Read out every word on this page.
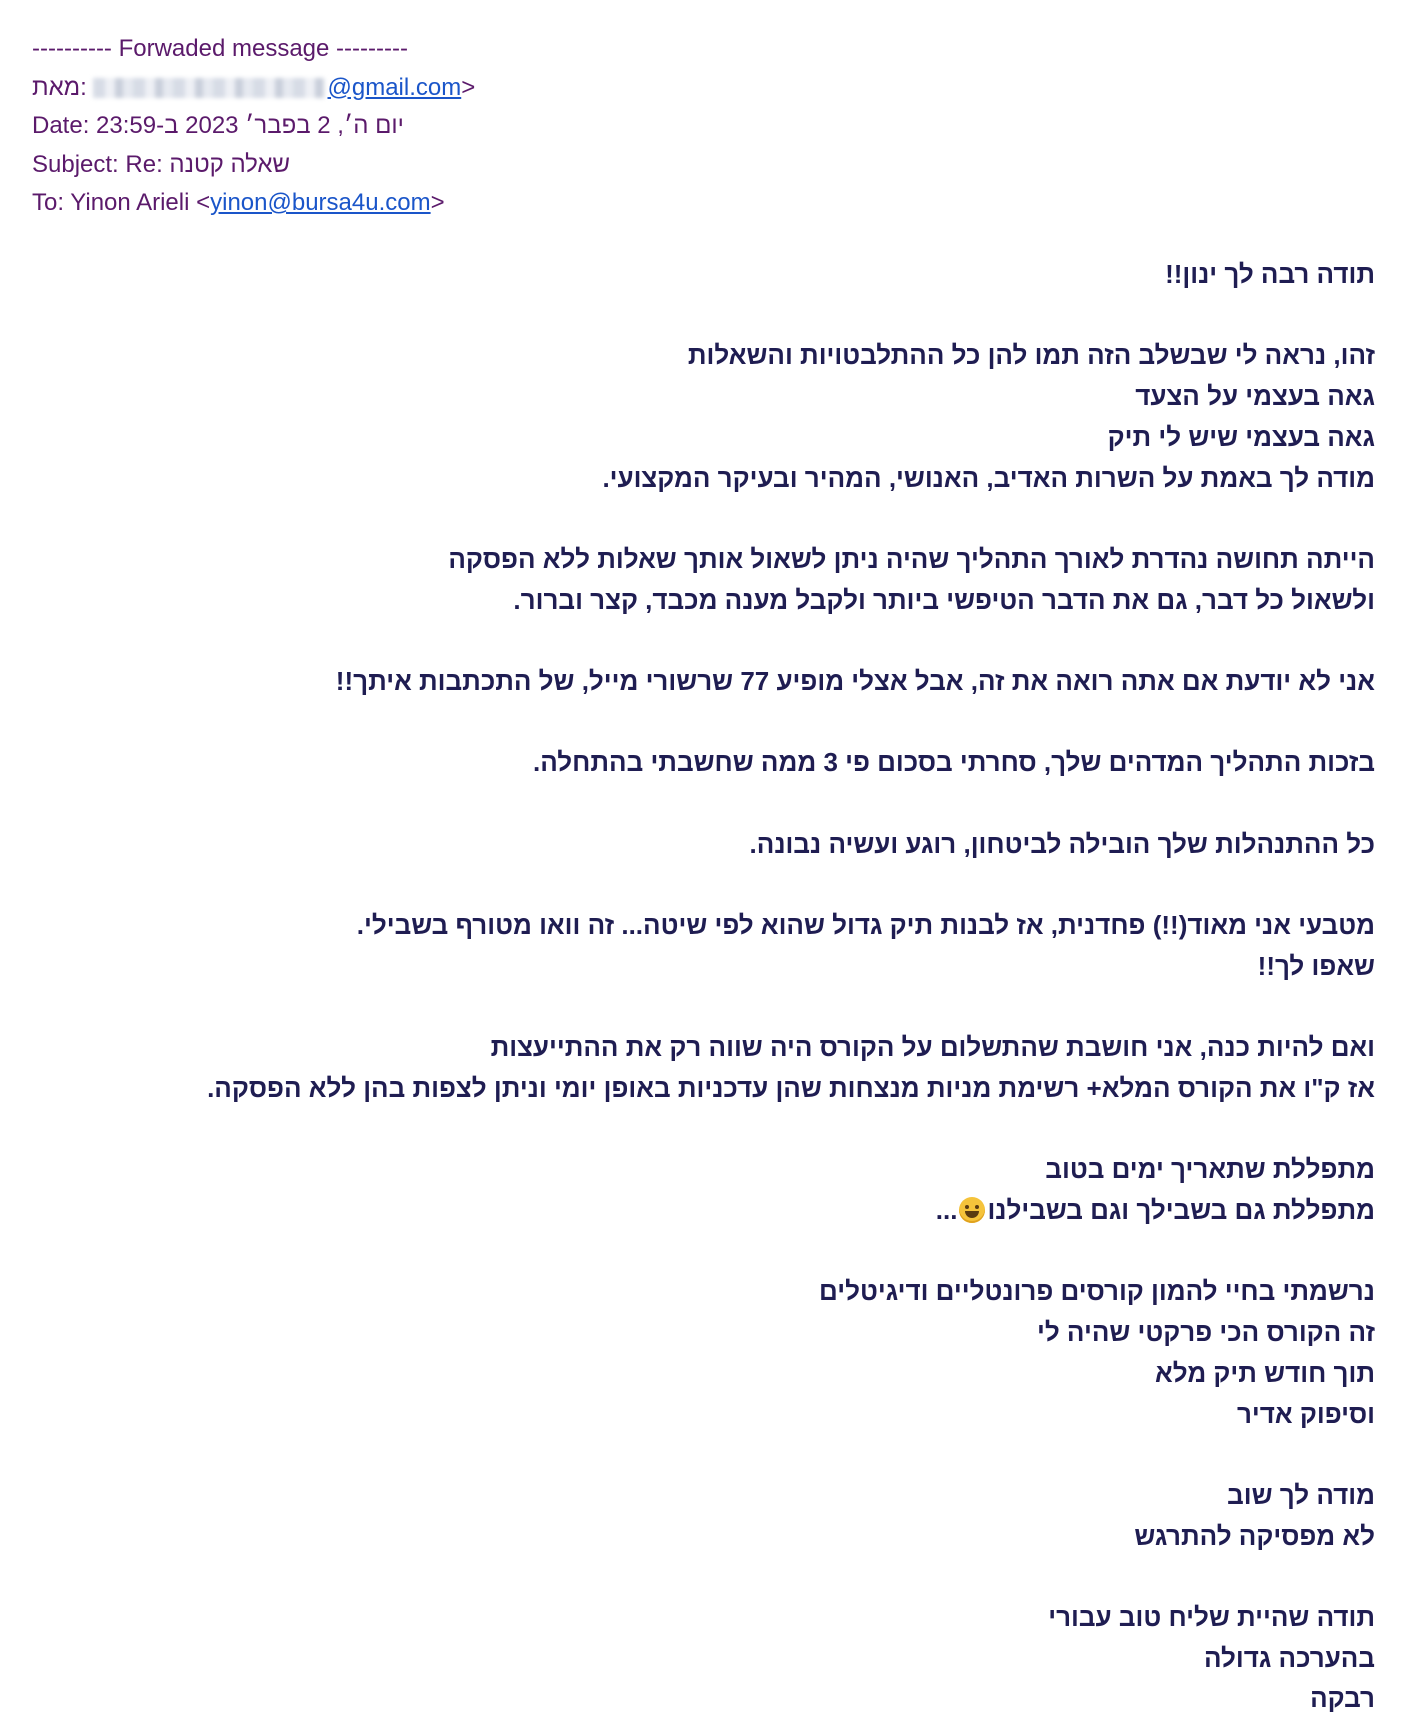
---------- Forwa​ded message ---------
מאת:	@gmail.com>
Date: יום ה׳, 2 בפבר׳ 2023 ב-23:59
Subject: Re: שאלה קטנה
To: Yinon Arieli <yinon@bursa4u.com>
תודה רבה לך ינון!!
זהו, נראה לי שבשלב הזה תמו להן כל ההתלבטויות והשאלות
גאה בעצמי על הצעד
גאה בעצמי שיש לי תיק
מודה לך באמת על השרות האדיב, האנושי, המהיר ובעיקר המקצועי.
הייתה תחושה נהדרת לאורך התהליך שהיה ניתן לשאול אותך שאלות ללא הפסקה
ולשאול כל דבר, גם את הדבר הטיפשי ביותר ולקבל מענה מכבד, קצר וברור.
אני לא יודעת אם אתה רואה את זה, אבל אצלי מופיע 77 שרשורי מייל, של התכתבות איתך!!
בזכות התהליך המדהים שלך, סחרתי בסכום פי 3 ממה שחשבתי בהתחלה.
כל ההתנהלות שלך הובילה לביטחון, רוגע ועשיה נבונה.
מטבעי אני מאוד(!!) פחדנית, אז לבנות תיק גדול שהוא לפי שיטה... זה וואו מטורף בשבילי.
שאפו לך!!
ואם להיות כנה, אני חושבת שהתשלום על הקורס היה שווה רק את ההתייעצות
אז ק"ו את הקורס המלא+ רשימת מניות מנצחות שהן עדכניות באופן יומי וניתן לצפות בהן ללא הפסקה.
מתפללת שתאריך ימים בטוב
מתפללת גם בשבילך וגם בשבילנו...
נרשמתי בחיי להמון קורסים פרונטליים ודיגיטלים
זה הקורס הכי פרקטי שהיה לי
תוך חודש תיק מלא
וסיפוק אדיר
מודה לך שוב
לא מפסיקה להתרגש
תודה שהיית שליח טוב עבורי
בהערכה גדולה
רבקה
